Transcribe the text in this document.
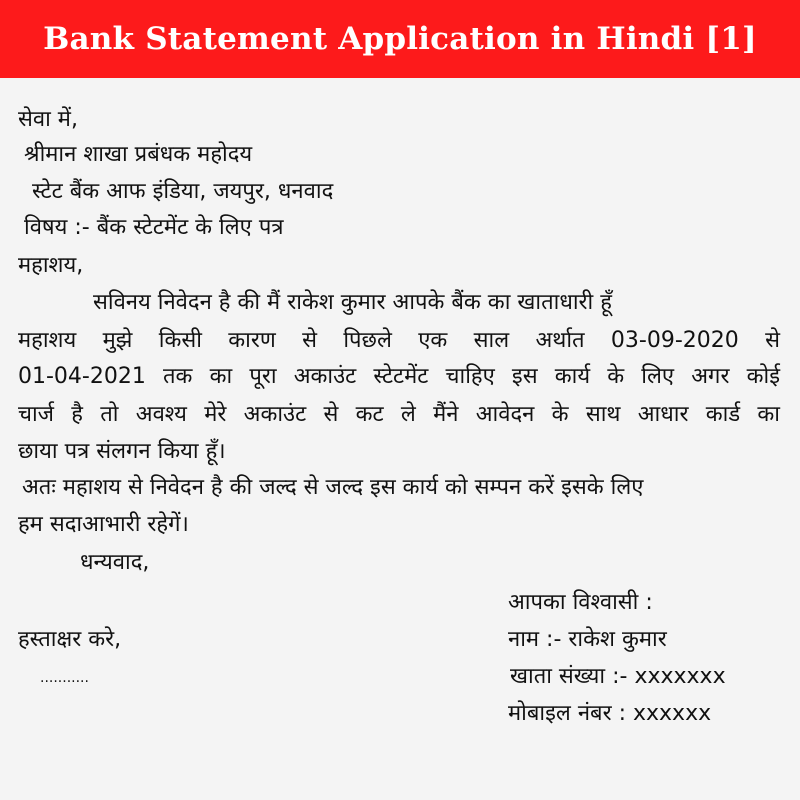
Bank Statement Application in Hindi [1]
सेवा में,
श्रीमान शाखा प्रबंधक महोदय
स्टेट बैंक आफ इंडिया, जयपुर, धनवाद
विषय :- बैंक स्टेटमेंट के लिए पत्र
महाशय,
सविनय निवेदन है की मैं राकेश कुमार आपके बैंक का खाताधारी हूँ
महाशय मुझे किसी कारण से पिछले एक साल अर्थात 03-09-2020 से
01-04-2021 तक का पूरा अकाउंट स्टेटमेंट चाहिए इस कार्य के लिए अगर कोई
चार्ज है तो अवश्य मेरे अकाउंट से कट ले मैंने आवेदन के साथ आधार कार्ड का
छाया पत्र संलगन किया हूँ।
अतः महाशय से निवेदन है की जल्द से जल्द इस कार्य को सम्पन करें इसके लिए
हम सदाआभारी रहेगें।
धन्यवाद,
आपका विश्वासी :
हस्ताक्षर करे,	नाम :- राकेश कुमार
...........	खाता संख्या :- xxxxxxx
मोबाइल नंबर : xxxxxx
